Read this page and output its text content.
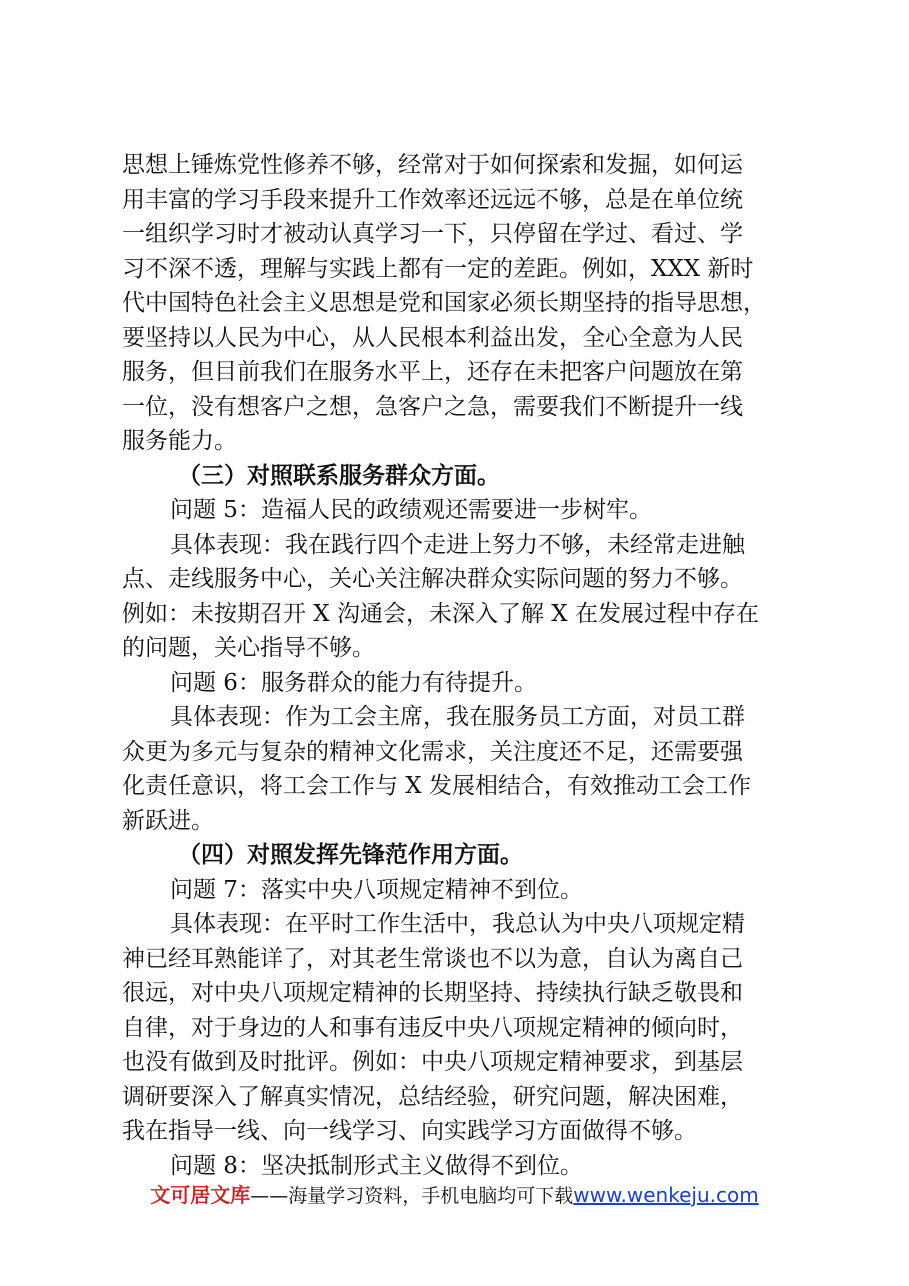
思想上锤炼党性修养不够，经常对于如何探索和发掘，如何运
用丰富的学习手段来提升工作效率还远远不够，总是在单位统
一组织学习时才被动认真学习一下，只停留在学过、看过、学
习不深不透，理解与实践上都有一定的差距。例如，XXX 新时
代中国特色社会主义思想是党和国家必须长期坚持的指导思想，
要坚持以人民为中心，从人民根本利益出发，全心全意为人民
服务，但目前我们在服务水平上，还存在未把客户问题放在第
一位，没有想客户之想，急客户之急，需要我们不断提升一线
服务能力。
（三）对照联系服务群众方面。
问题 5：造福人民的政绩观还需要进一步树牢。
具体表现：我在践行四个走进上努力不够，未经常走进触
点、走线服务中心，关心关注解决群众实际问题的努力不够。
例如：未按期召开 X 沟通会，未深入了解 X 在发展过程中存在
的问题，关心指导不够。
问题 6：服务群众的能力有待提升。
具体表现：作为工会主席，我在服务员工方面，对员工群
众更为多元与复杂的精神文化需求，关注度还不足，还需要强
化责任意识，将工会工作与 X 发展相结合，有效推动工会工作
新跃进。
（四）对照发挥先锋范作用方面。
问题 7：落实中央八项规定精神不到位。
具体表现：在平时工作生活中，我总认为中央八项规定精
神已经耳熟能详了，对其老生常谈也不以为意，自认为离自己
很远，对中央八项规定精神的长期坚持、持续执行缺乏敬畏和
自律，对于身边的人和事有违反中央八项规定精神的倾向时，
也没有做到及时批评。例如：中央八项规定精神要求，到基层
调研要深入了解真实情况，总结经验，研究问题，解决困难，
我在指导一线、向一线学习、向实践学习方面做得不够。
问题 8：坚决抵制形式主义做得不到位。
文可居文库——海量学习资料，手机电脑均可下载www.wenkeju.com
